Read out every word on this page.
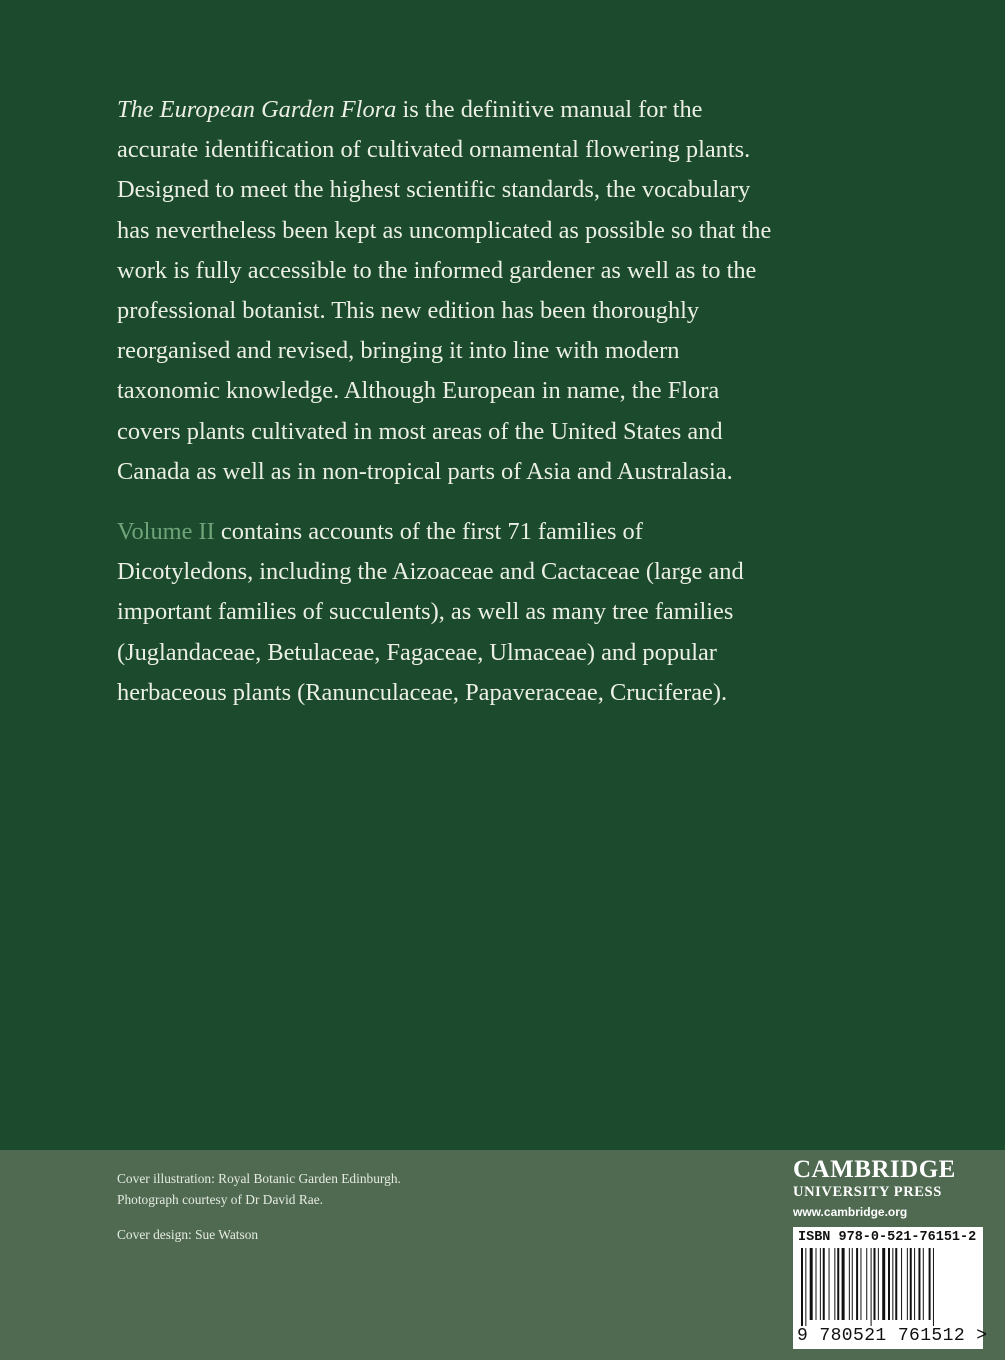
The European Garden Flora is the definitive manual for the accurate identification of cultivated ornamental flowering plants. Designed to meet the highest scientific standards, the vocabulary has nevertheless been kept as uncomplicated as possible so that the work is fully accessible to the informed gardener as well as to the professional botanist. This new edition has been thoroughly reorganised and revised, bringing it into line with modern taxonomic knowledge. Although European in name, the Flora covers plants cultivated in most areas of the United States and Canada as well as in non-tropical parts of Asia and Australasia.

Volume II contains accounts of the first 71 families of Dicotyledons, including the Aizoaceae and Cactaceae (large and important families of succulents), as well as many tree families (Juglandaceae, Betulaceae, Fagaceae, Ulmaceae) and popular herbaceous plants (Ranunculaceae, Papaveraceae, Cruciferae).

Cover illustration: Royal Botanic Garden Edinburgh.
Photograph courtesy of Dr David Rae.
Cover design: Sue Watson
CAMBRIDGE
UNIVERSITY PRESS
www.cambridge.org
ISBN 978-0-521-76151-2
9 780521 761512 >
